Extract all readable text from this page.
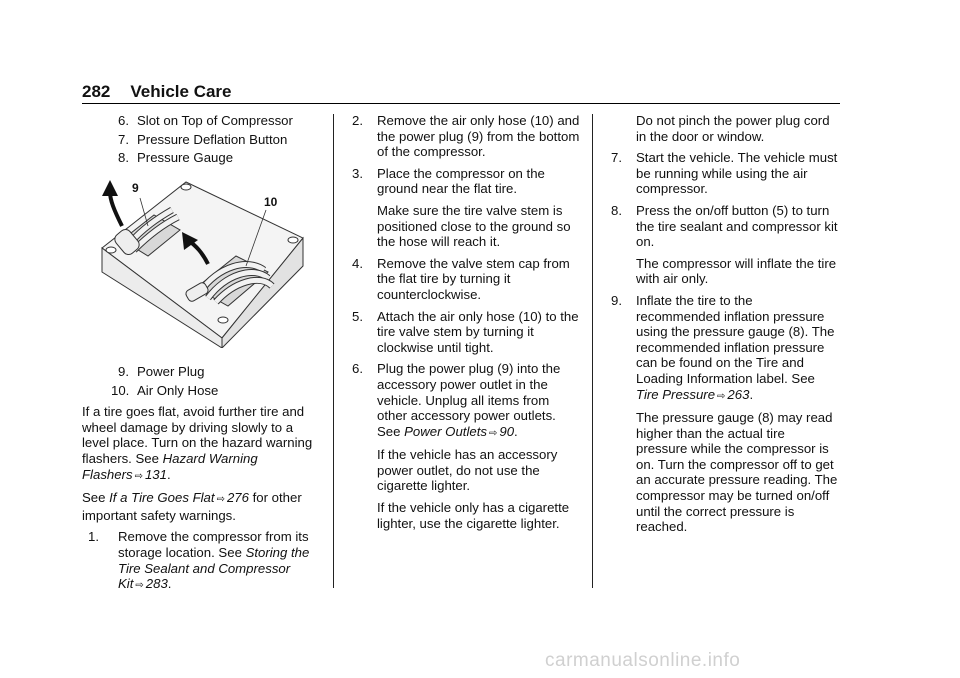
282 Vehicle Care
6. Slot on Top of Compressor
7. Pressure Deflation Button
8. Pressure Gauge
9
10
9. Power Plug
10. Air Only Hose

If a tire goes flat, avoid further tire and wheel damage by driving slowly to a level place. Turn on the hazard warning flashers. See Hazard Warning Flashers ⇨ 131.

See If a Tire Goes Flat ⇨ 276 for other important safety warnings.

1.	Remove the compressor from its storage location. See Storing the Tire Sealant and Compressor Kit ⇨ 283.
2.	Remove the air only hose (10) and the power plug (9) from the bottom of the compressor.
3.	Place the compressor on the ground near the flat tire.

Make sure the tire valve stem is positioned close to the ground so the hose will reach it.

4.	Remove the valve stem cap from the flat tire by turning it counterclockwise.
5.	Attach the air only hose (10) to the tire valve stem by turning it clockwise until tight.
6.	Plug the power plug (9) into the accessory power outlet in the vehicle. Unplug all items from other accessory power outlets. See Power Outlets ⇨ 90.

If the vehicle has an accessory power outlet, do not use the cigarette lighter.

If the vehicle only has a cigarette lighter, use the cigarette lighter.

Do not pinch the power plug cord in the door or window.

7.	Start the vehicle. The vehicle must be running while using the air compressor.
8.	Press the on/off button (5) to turn the tire sealant and compressor kit on.

The compressor will inflate the tire with air only.

9.	Inflate the tire to the recommended inflation pressure using the pressure gauge (8). The recommended inflation pressure can be found on the Tire and Loading Information label. See Tire Pressure ⇨ 263.

The pressure gauge (8) may read higher than the actual tire pressure while the compressor is on. Turn the compressor off to get an accurate pressure reading. The compressor may be turned on/off until the correct pressure is reached.

carmanualsonline.info
